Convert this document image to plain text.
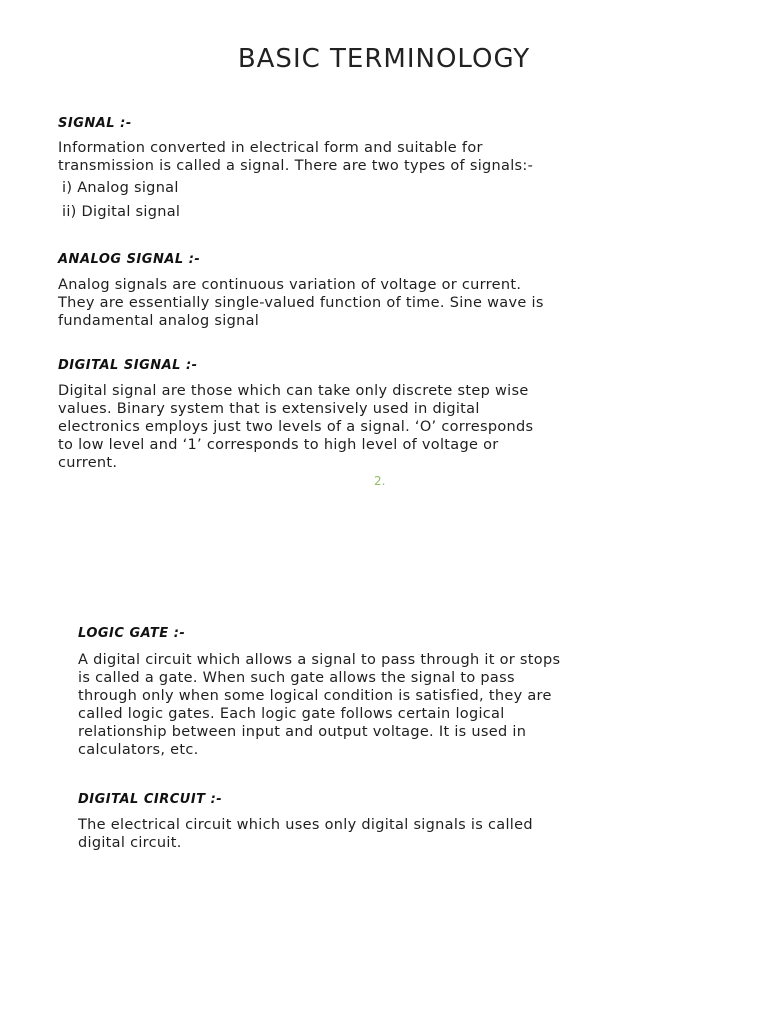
BASIC TERMINOLOGY
SIGNAL :-
Information converted in electrical form and suitable for
transmission is called a signal. There are two types of signals:-
i) Analog signal
ii) Digital signal
ANALOG SIGNAL :-
Analog signals are continuous variation of voltage or current.
They are essentially single-valued function of time. Sine wave is
fundamental analog signal
DIGITAL SIGNAL :-
Digital signal are those which can take only discrete step wise
values. Binary system that is extensively used in digital
electronics employs just two levels of a signal. ‘O’ corresponds
to low level and ‘1’ corresponds to high level of voltage or
current.
2.
LOGIC GATE :-
A digital circuit which allows a signal to pass through it or stops
is called a gate. When such gate allows the signal to pass
through only when some logical condition is satisfied, they are
called logic gates. Each logic gate follows certain logical
relationship between input and output voltage. It is used in
calculators, etc.
DIGITAL CIRCUIT :-
The electrical circuit which uses only digital signals is called
digital circuit.
